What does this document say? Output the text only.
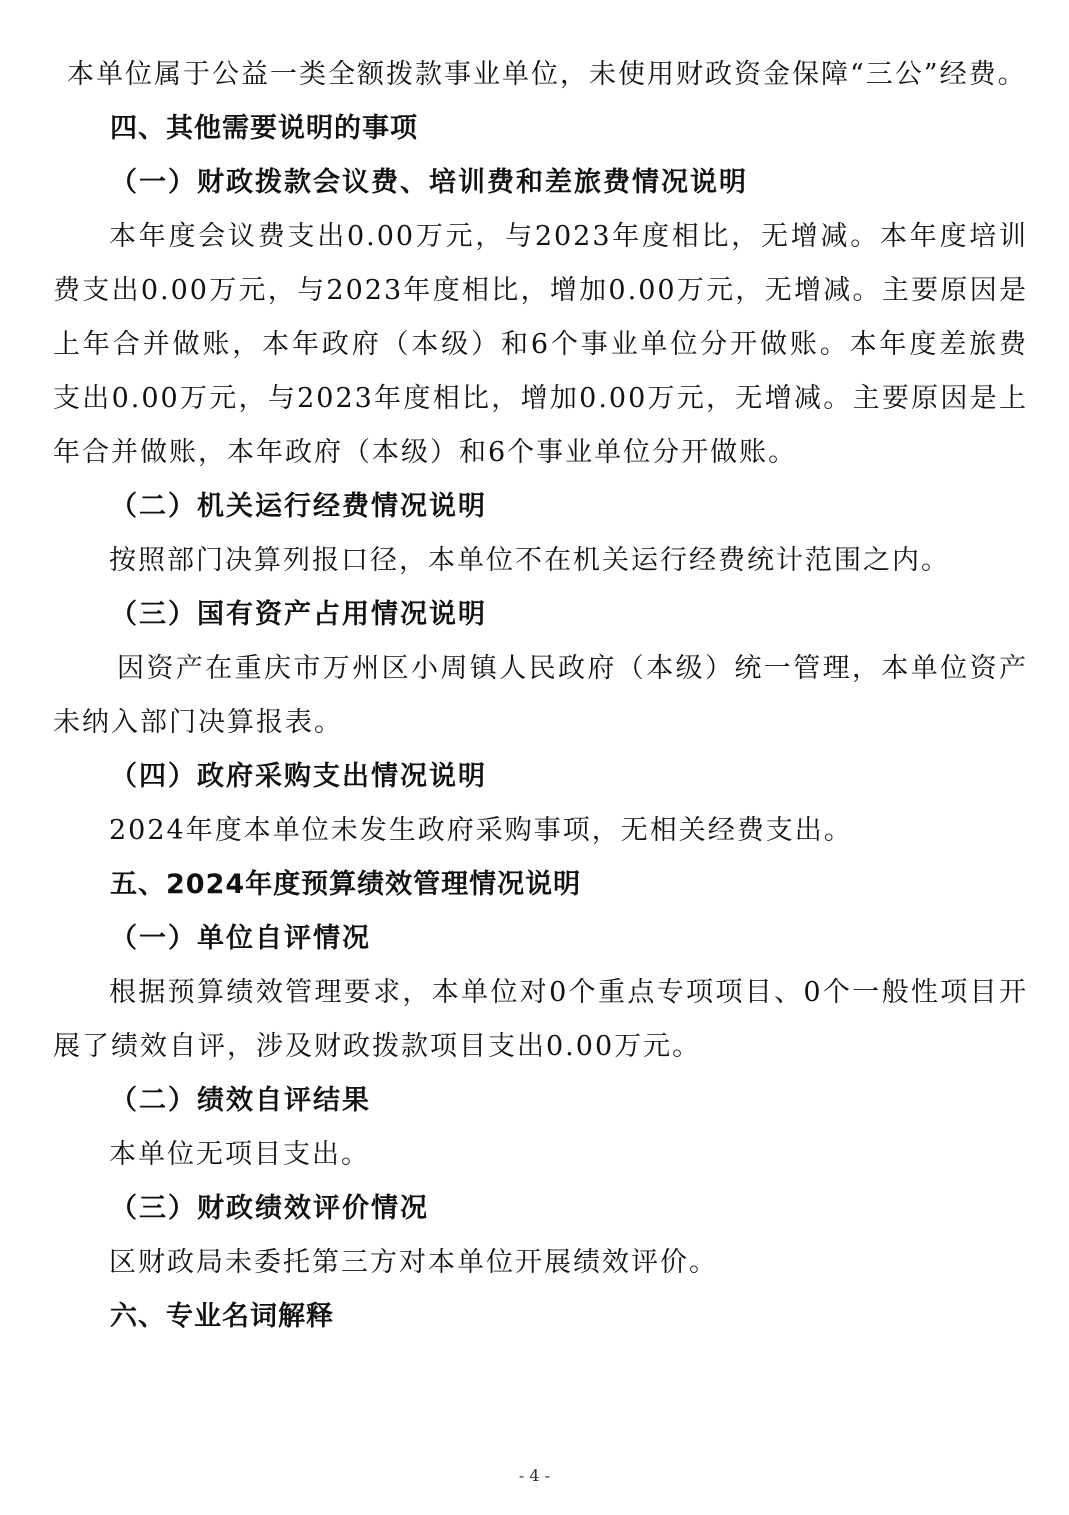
本单位属于公益一类全额拨款事业单位，未使用财政资金保障“三公”经费。

四、其他需要说明的事项
（一）财政拨款会议费、培训费和差旅费情况说明

本年度会议费支出0.00万元，与2023年度相比，无增减。本年度培训费支出0.00万元，与2023年度相比，增加0.00万元，无增减。主要原因是上年合并做账，本年政府（本级）和6个事业单位分开做账。本年度差旅费支出0.00万元，与2023年度相比，增加0.00万元，无增减。主要原因是上年合并做账，本年政府（本级）和6个事业单位分开做账。

（二）机关运行经费情况说明

按照部门决算列报口径，本单位不在机关运行经费统计范围之内。

（三）国有资产占用情况说明

因资产在重庆市万州区小周镇人民政府（本级）统一管理，本单位资产未纳入部门决算报表。

（四）政府采购支出情况说明

2024年度本单位未发生政府采购事项，无相关经费支出。

五、2024年度预算绩效管理情况说明
（一）单位自评情况

根据预算绩效管理要求，本单位对0个重点专项项目、0个一般性项目开展了绩效自评，涉及财政拨款项目支出0.00万元。

（二）绩效自评结果

本单位无项目支出。

（三）财政绩效评价情况

区财政局未委托第三方对本单位开展绩效评价。

六、专业名词解释
- 4 -
